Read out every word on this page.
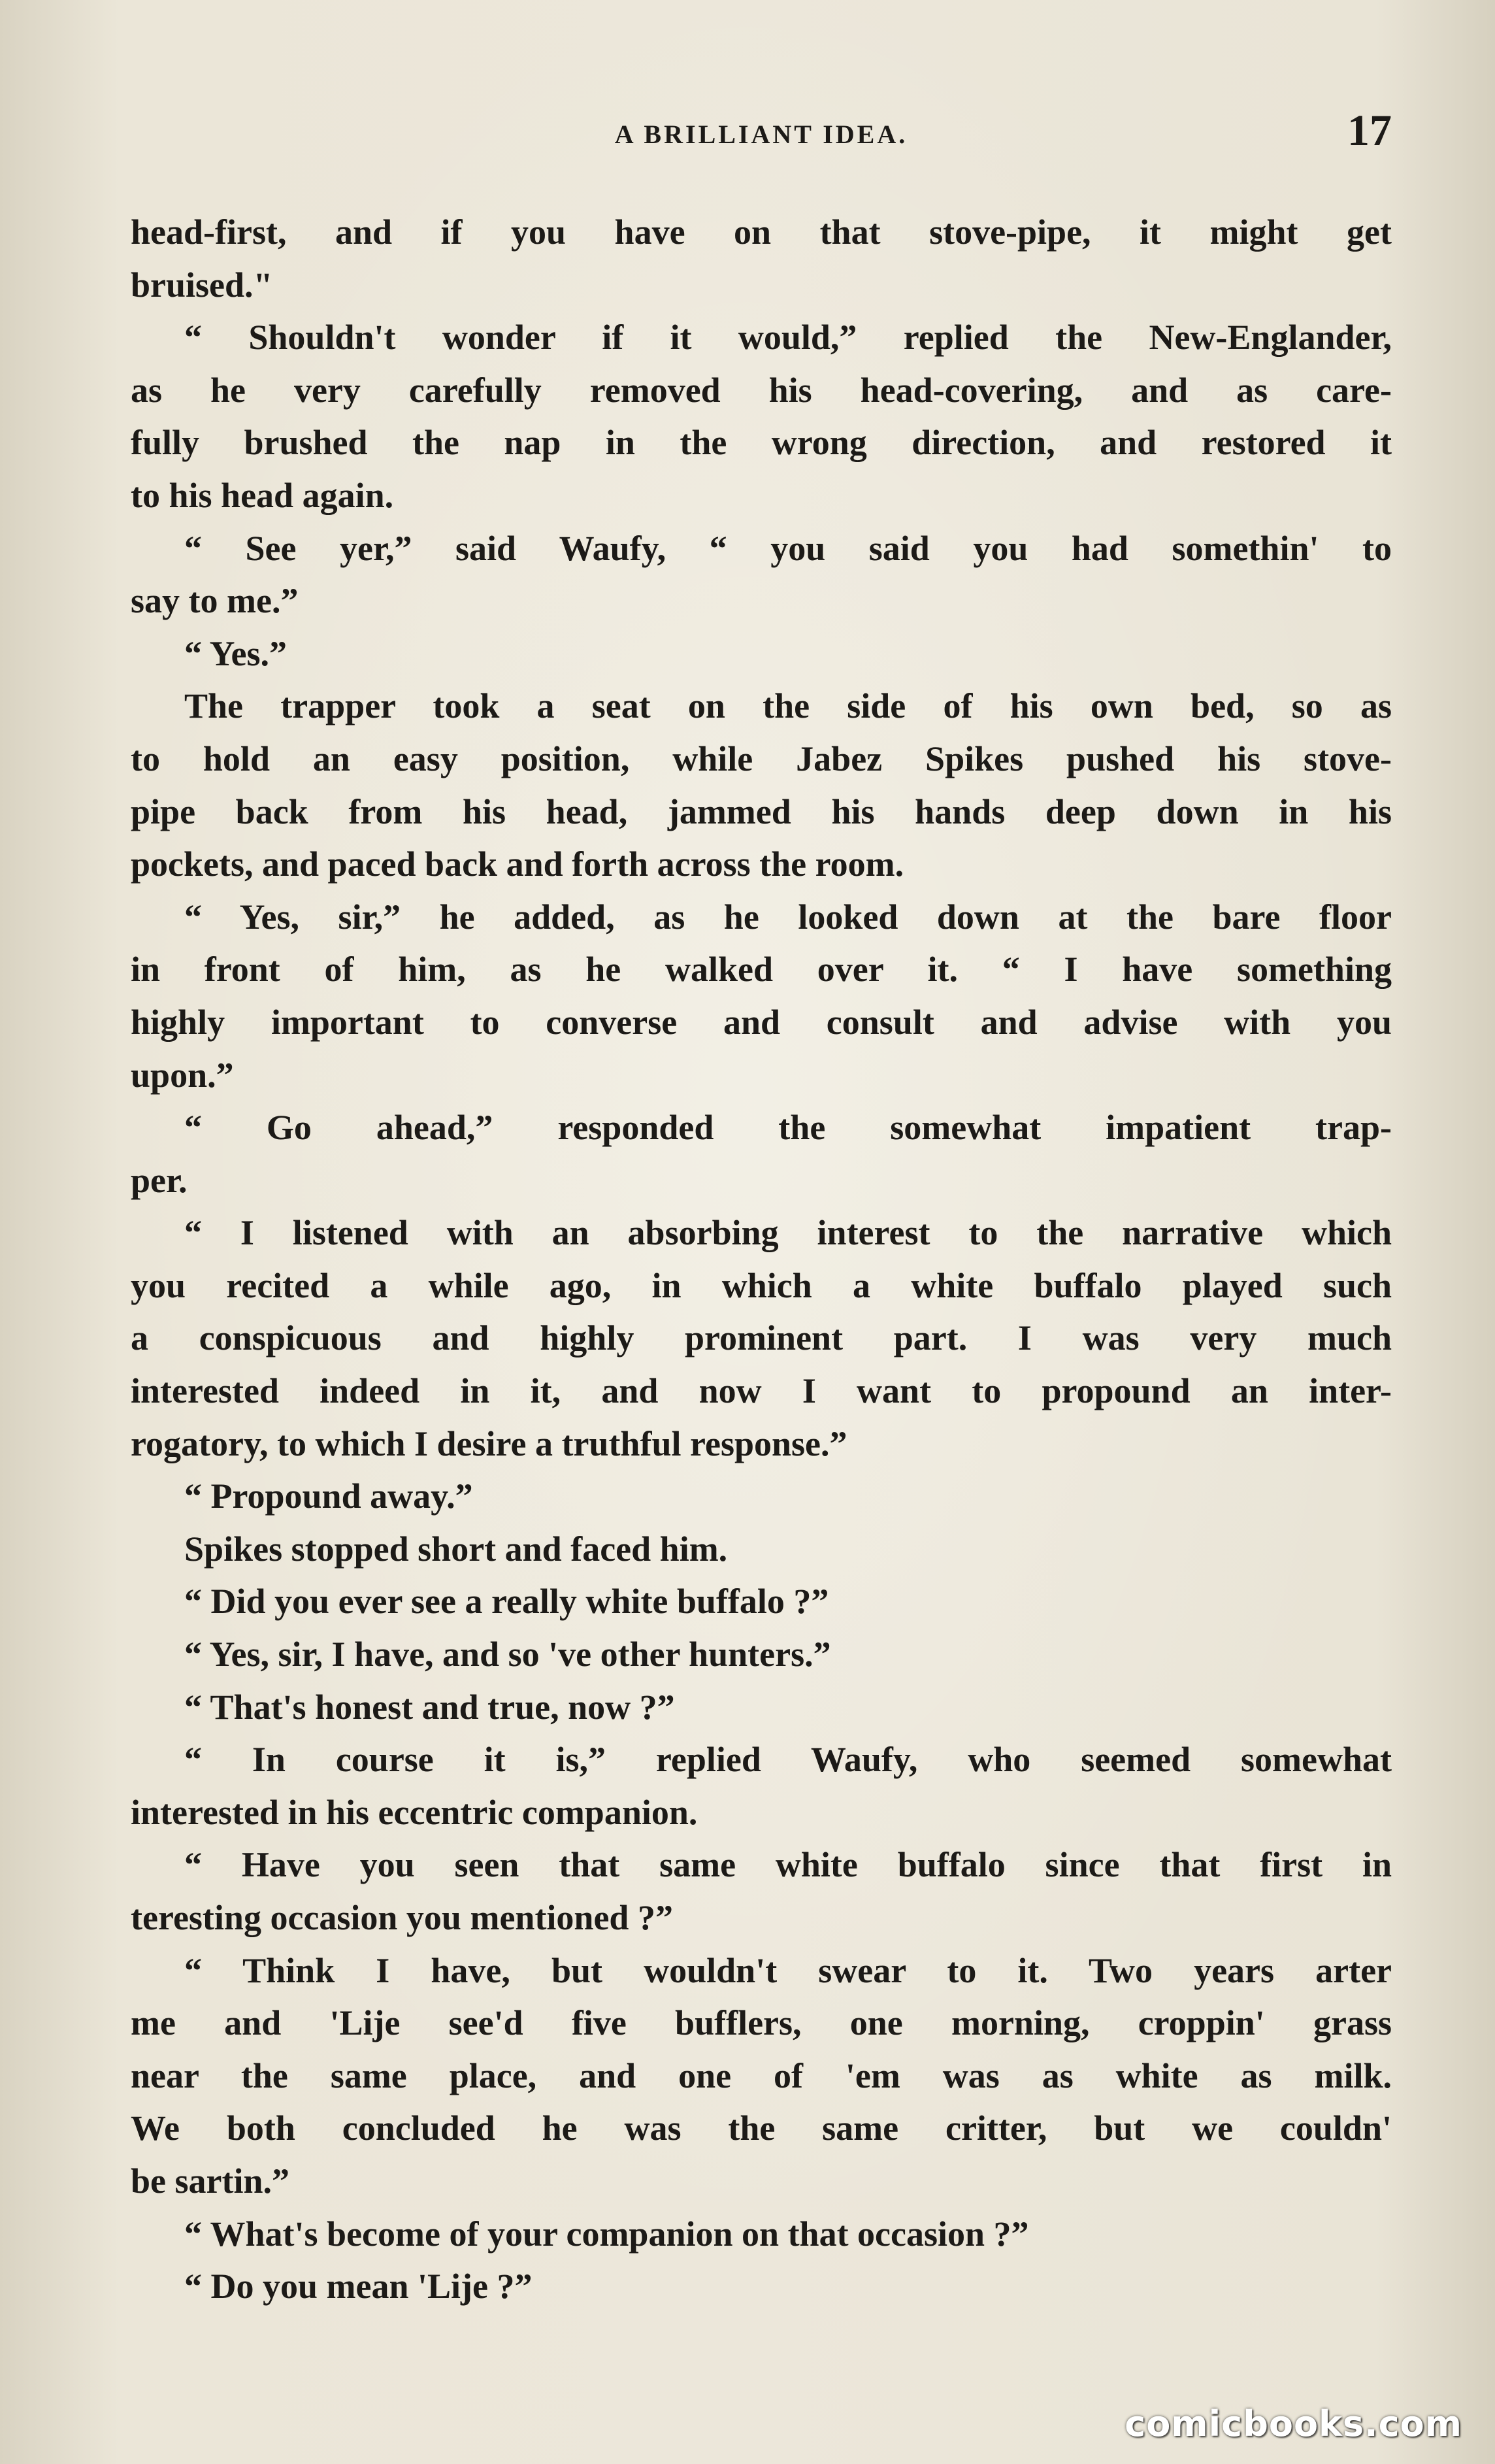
A BRILLIANT IDEA.	17
head-first, and if you have on that stove-pipe, it might get
bruised."
“ Shouldn't wonder if it would,” replied the New-Englander,
as he very carefully removed his head-covering, and as care-
fully brushed the nap in the wrong direction, and restored it
to his head again.
“ See yer,” said Waufy, “ you said you had somethin' to
say to me.”
“ Yes.”
The trapper took a seat on the side of his own bed, so as
to hold an easy position, while Jabez Spikes pushed his stove-
pipe back from his head, jammed his hands deep down in his
pockets, and paced back and forth across the room.
“ Yes, sir,” he added, as he looked down at the bare floor
in front of him, as he walked over it. “ I have something
highly important to converse and consult and advise with you
upon.”
“ Go ahead,” responded the somewhat impatient trap-
per.
“ I listened with an absorbing interest to the narrative which
you recited a while ago, in which a white buffalo played such
a conspicuous and highly prominent part. I was very much
interested indeed in it, and now I want to propound an inter-
rogatory, to which I desire a truthful response.”
“ Propound away.”
Spikes stopped short and faced him.
“ Did you ever see a really white buffalo ?”
“ Yes, sir, I have, and so 've other hunters.”
“ That's honest and true, now ?”
“ In course it is,” replied Waufy, who seemed somewhat
interested in his eccentric companion.
“ Have you seen that same white buffalo since that first in
teresting occasion you mentioned ?”
“ Think I have, but wouldn't swear to it. Two years arter
me and 'Lije see'd five bufflers, one morning, croppin' grass
near the same place, and one of 'em was as white as milk.
We both concluded he was the same critter, but we couldn'
be sartin.”
“ What's become of your companion on that occasion ?”
“ Do you mean 'Lije ?”
comicbooks.com
